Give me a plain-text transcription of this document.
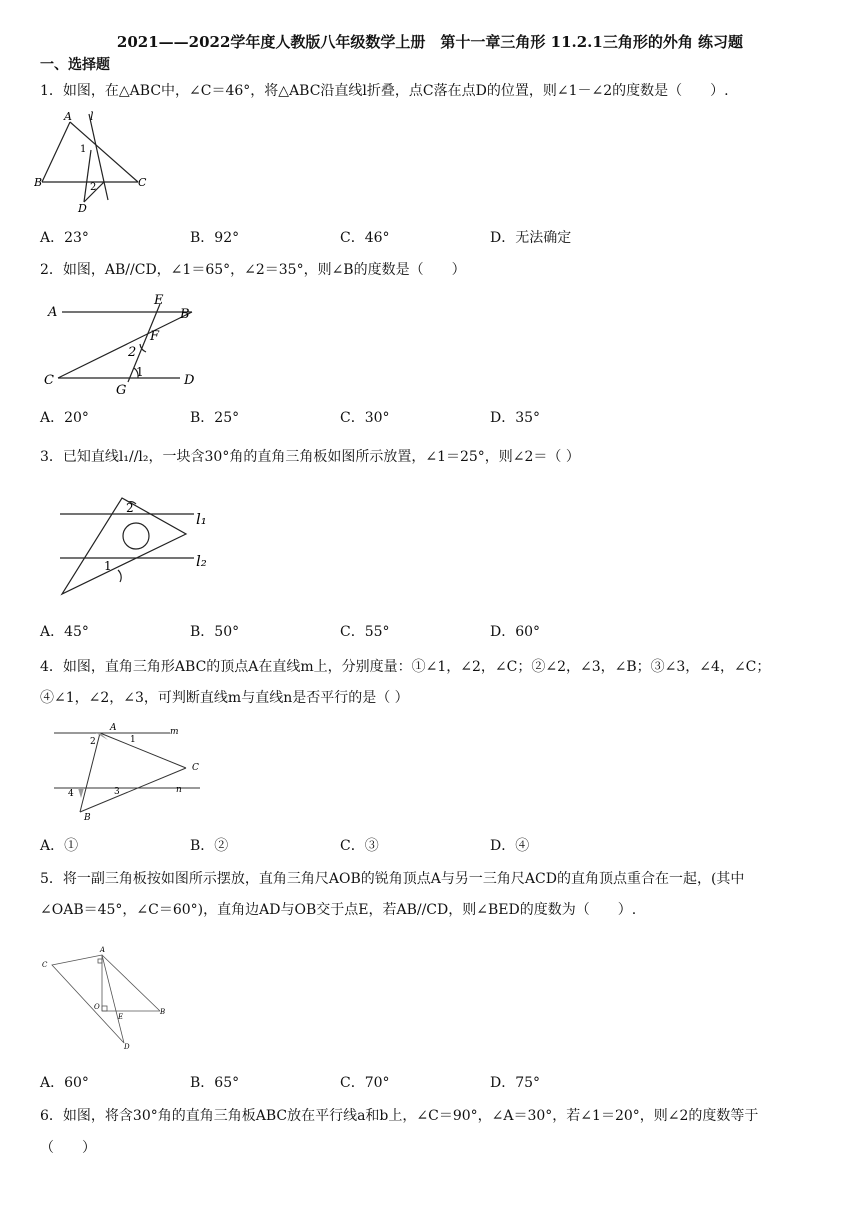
2021——2022学年度人教版八年级数学上册　第十一章三角形 11.2.1三角形的外角 练习题
一、选择题
1．如图，在△ABC中，∠C＝46°，将△ABC沿直线l折叠，点C落在点D的位置，则∠1－∠2的度数是（　　）.
A l
1
B	2	C
D
A．23°	B．92°	C．46°	D．无法确定
2．如图，AB//CD，∠1＝65°，∠2＝35°，则∠B的度数是（　　）
A
E
B
F
2
C
G
1
D
A．20°	B．25°	C．30°	D．35°
3．已知直线l₁//l₂，一块含30°角的直角三角板如图所示放置，∠1＝25°，则∠2＝（ ）
2
l₁
l₂
1
A．45°	B．50°	C．55°	D．60°
4．如图，直角三角形ABC的顶点A在直线m上，分别度量：①∠1，∠2，∠C；②∠2，∠3，∠B；③∠3，∠4，∠C；
④∠1，∠2，∠3，可判断直线m与直线n是否平行的是（ ）
A	m
2	1
C
4	3	n
B
A．①	B．②	C．③	D．④
5．将一副三角板按如图所示摆放，直角三角尺AOB的锐角顶点A与另一三角尺ACD的直角顶点重合在一起，(其中
∠OAB＝45°，∠C＝60°)，直角边AD与OB交于点E，若AB//CD，则∠BED的度数为（　　）.
A
C
O
E
B
D
A．60°	B．65°	C．70°	D．75°
6．如图，将含30°角的直角三角板ABC放在平行线a和b上，∠C＝90°，∠A＝30°，若∠1＝20°，则∠2的度数等于
（　　）
